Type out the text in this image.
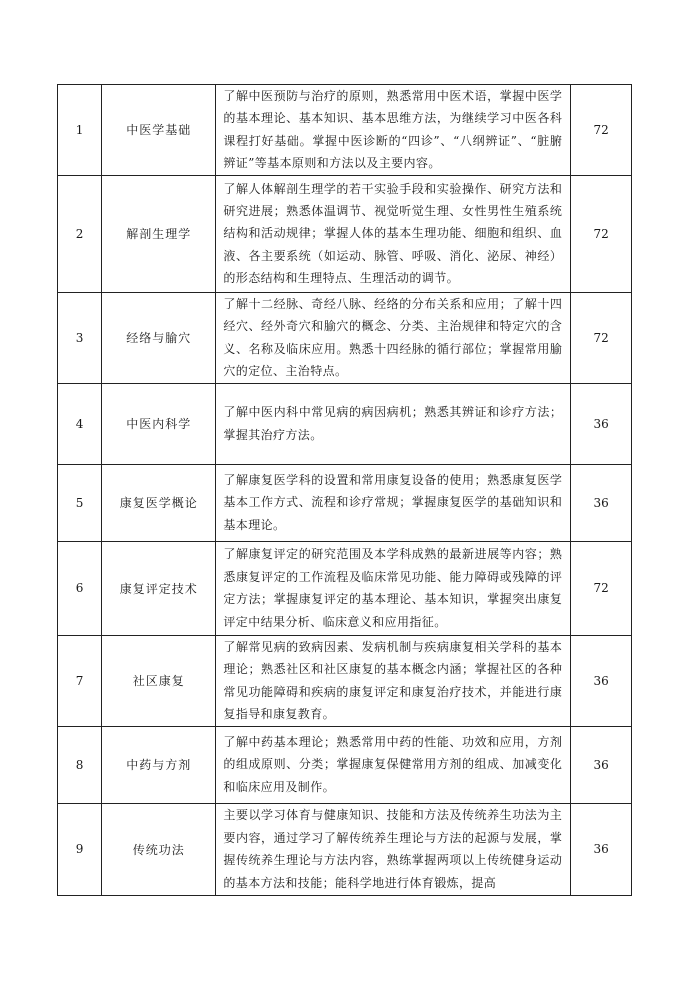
1	中医学基础	了解中医预防与治疗的原则，熟悉常用中医术语，掌握中医学的基本理论、基本知识、基本思维方法，为继续学习中医各科课程打好基础。掌握中医诊断的“四诊”、“八纲辨证”、“脏腑辨证”等基本原则和方法以及主要内容。	72
2	解剖生理学	了解人体解剖生理学的若干实验手段和实验操作、研究方法和研究进展；熟悉体温调节、视觉听觉生理、女性男性生殖系统结构和活动规律；掌握人体的基本生理功能、细胞和组织、血液、各主要系统（如运动、脉管、呼吸、消化、泌尿、神经）的形态结构和生理特点、生理活动的调节。	72
3	经络与腧穴	了解十二经脉、奇经八脉、经络的分布关系和应用；了解十四经穴、经外奇穴和腧穴的概念、分类、主治规律和特定穴的含义、名称及临床应用。熟悉十四经脉的循行部位；掌握常用腧穴的定位、主治特点。	72
4	中医内科学	了解中医内科中常见病的病因病机；熟悉其辨证和诊疗方法；掌握其治疗方法。	36
5	康复医学概论	了解康复医学科的设置和常用康复设备的使用；熟悉康复医学基本工作方式、流程和诊疗常规；掌握康复医学的基础知识和基本理论。	36
6	康复评定技术	了解康复评定的研究范围及本学科成熟的最新进展等内容；熟悉康复评定的工作流程及临床常见功能、能力障碍或残障的评定方法；掌握康复评定的基本理论、基本知识，掌握突出康复评定中结果分析、临床意义和应用指征。	72
7	社区康复	了解常见病的致病因素、发病机制与疾病康复相关学科的基本理论；熟悉社区和社区康复的基本概念内涵；掌握社区的各种常见功能障碍和疾病的康复评定和康复治疗技术，并能进行康复指导和康复教育。	36
8	中药与方剂	了解中药基本理论；熟悉常用中药的性能、功效和应用，方剂的组成原则、分类；掌握康复保健常用方剂的组成、加减变化和临床应用及制作。	36
9	传统功法	主要以学习体育与健康知识、技能和方法及传统养生功法为主要内容，通过学习了解传统养生理论与方法的起源与发展，掌握传统养生理论与方法内容，熟练掌握两项以上传统健身运动的基本方法和技能；能科学地进行体育锻炼，提高	36
